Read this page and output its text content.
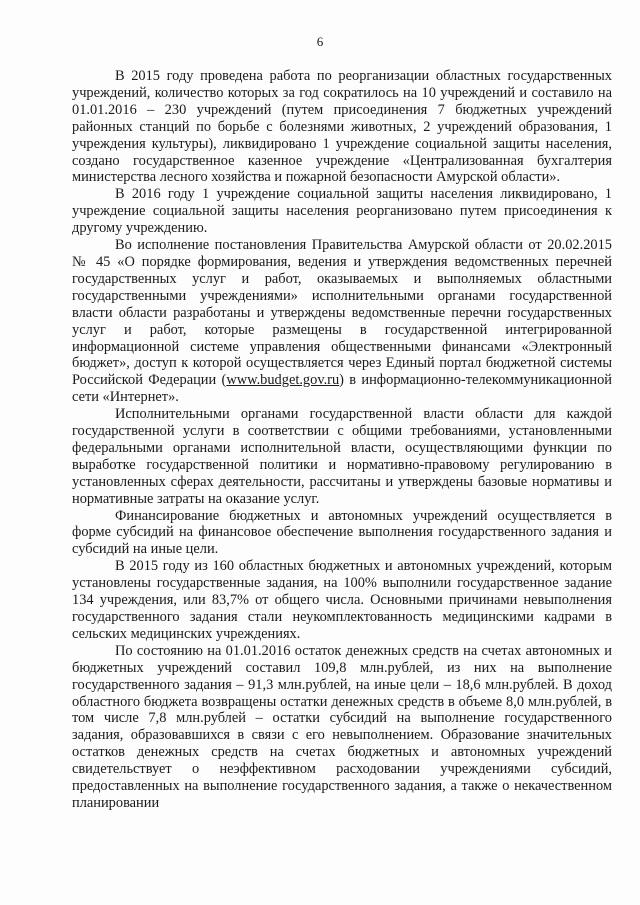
6

В 2015 году проведена работа по реорганизации областных государственных учреждений, количество которых за год сократилось на 10 учреждений и составило на 01.01.2016 – 230 учреждений (путем присоединения 7 бюджетных учреждений районных станций по борьбе с болезнями животных, 2 учреждений образования, 1 учреждения культуры), ликвидировано 1 учреждение социальной защиты населения, создано государственное казенное учреждение «Централизованная бухгалтерия министерства лесного хозяйства и пожарной безопасности Амурской области».

В 2016 году 1 учреждение социальной защиты населения ликвидировано, 1 учреждение социальной защиты населения реорганизовано путем присоединения к другому учреждению.

Во исполнение постановления Правительства Амурской области от 20.02.2015 № 45 «О порядке формирования, ведения и утверждения ведомственных перечней государственных услуг и работ, оказываемых и выполняемых областными государственными учреждениями» исполнительными органами государственной власти области разработаны и утверждены ведомственные перечни государственных услуг и работ, которые размещены в государственной интегрированной информационной системе управления общественными финансами «Электронный бюджет», доступ к которой осуществляется через Единый портал бюджетной системы Российской Федерации (www.budget.gov.ru) в информационно-телекоммуникационной сети «Интернет».

Исполнительными органами государственной власти области для каждой государственной услуги в соответствии с общими требованиями, установленными федеральными органами исполнительной власти, осуществляющими функции по выработке государственной политики и нормативно-правовому регулированию в установленных сферах деятельности, рассчитаны и утверждены базовые нормативы и нормативные затраты на оказание услуг.

Финансирование бюджетных и автономных учреждений осуществляется в форме субсидий на финансовое обеспечение выполнения государственного задания и субсидий на иные цели.

В 2015 году из 160 областных бюджетных и автономных учреждений, которым установлены государственные задания, на 100% выполнили государственное задание 134 учреждения, или 83,7% от общего числа. Основными причинами невыполнения государственного задания стали неукомплектованность медицинскими кадрами в сельских медицинских учреждениях.

По состоянию на 01.01.2016 остаток денежных средств на счетах автономных и бюджетных учреждений составил 109,8 млн.рублей, из них на выполнение государственного задания – 91,3 млн.рублей, на иные цели – 18,6 млн.рублей. В доход областного бюджета возвращены остатки денежных средств в объеме 8,0 млн.рублей, в том числе 7,8 млн.рублей – остатки субсидий на выполнение государственного задания, образовавшихся в связи с его невыполнением. Образование значительных остатков денежных средств на счетах бюджетных и автономных учреждений свидетельствует о неэффективном расходовании учреждениями субсидий, предоставленных на выполнение государственного задания, а также о некачественном планировании
